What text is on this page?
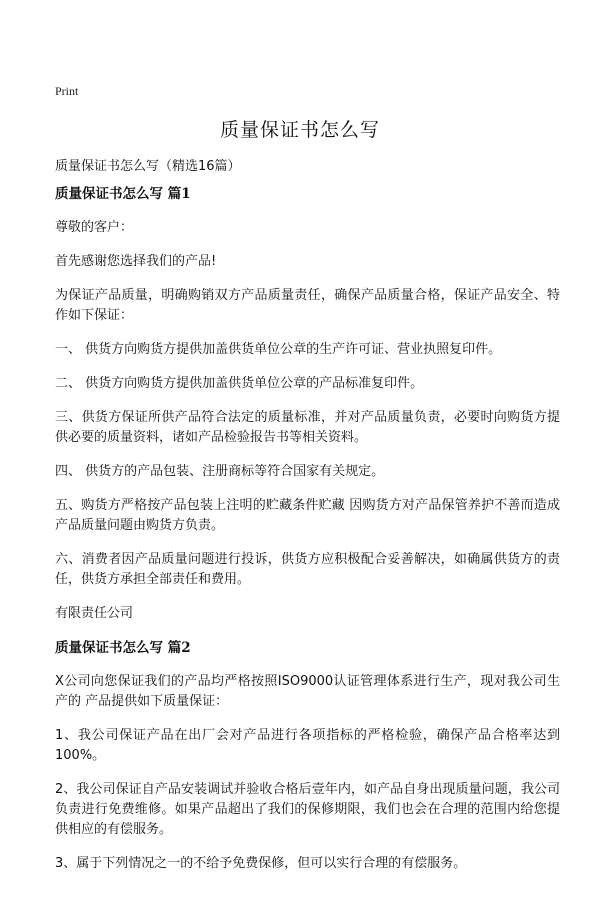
Print
质量保证书怎么写

质量保证书怎么写（精选16篇）

质量保证书怎么写 篇1

尊敬的客户：

首先感谢您选择我们的产品!

为保证产品质量，明确购销双方产品质量责任，确保产品质量合格，保证产品安全、特作如下保证：

一、 供货方向购货方提供加盖供货单位公章的生产许可证、营业执照复印件。

二、 供货方向购货方提供加盖供货单位公章的产品标准复印件。

三、供货方保证所供产品符合法定的质量标准，并对产品质量负责，必要时向购货方提供必要的质量资料，诸如产品检验报告书等相关资料。

四、 供货方的产品包装、注册商标等符合国家有关规定。

五、购货方严格按产品包装上注明的贮藏条件贮藏 因购货方对产品保管养护不善而造成产品质量问题由购货方负责。

六、消费者因产品质量问题进行投诉，供货方应积极配合妥善解决，如确属供货方的责任，供货方承担全部责任和费用。

有限责任公司

质量保证书怎么写 篇2

X公司向您保证我们的产品均严格按照ISO9000认证管理体系进行生产，现对我公司生产的 产品提供如下质量保证：

1、我公司保证产品在出厂会对产品进行各项指标的严格检验，确保产品合格率达到100%。

2、我公司保证自产品安装调试并验收合格后壹年内，如产品自身出现质量问题，我公司负责进行免费维修。如果产品超出了我们的保修期限，我们也会在合理的范围内给您提供相应的有偿服务。

3、属于下列情况之一的不给予免费保修，但可以实行合理的有偿服务。
